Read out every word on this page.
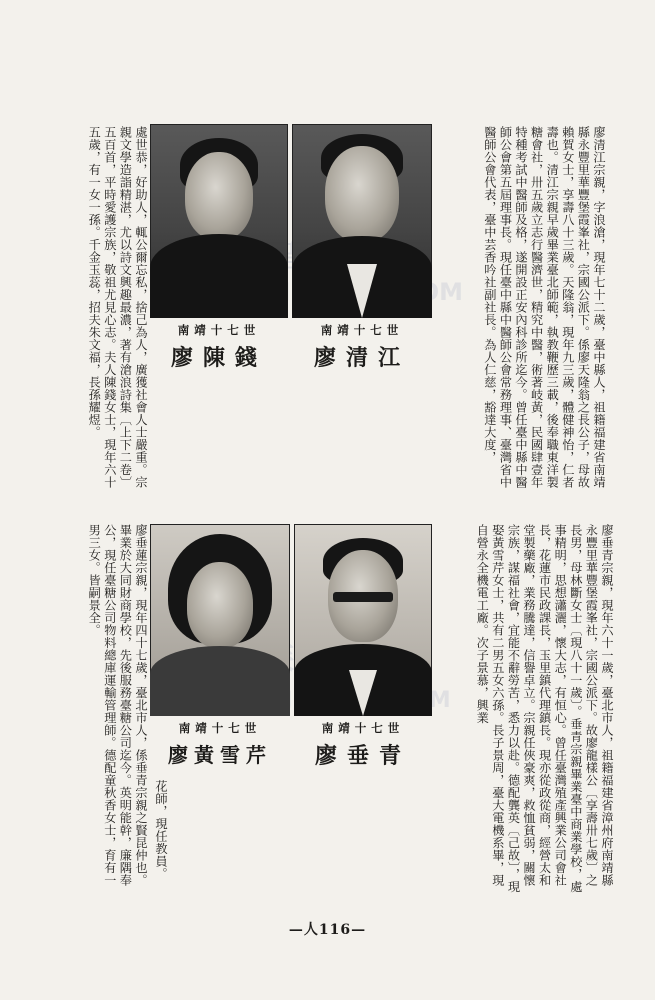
廖清江宗親，字浪滄，現年七十二歲，臺中縣人，祖籍福建省南靖縣永豐里華豐堡霞峯社，宗國公派下。係廖天隆翁之長公子，母故賴賀女士，享壽八十三歲。天隆翁，現年九三歲，體健神怡，仁者壽也。清江宗親早歲畢業臺北師範，執教鞭歷三載，後奉職東洋製糖會社，卅五歲立志行醫濟世，精究中醫，術著岐黃，民國肆壹年特種考試中醫師及格，遂開設正安內科診所迄今。曾任臺中縣中醫師公會第五屆理事長。現任臺中縣中醫師公會常務理事、臺灣省中醫師公會代表，臺中芸香吟社副社長。為人仁慈，豁達大度，
處世恭，好助人，輒公爾忘私，捨己為人，廣獲社會人士嚴重。宗親文學造詣精湛，尤以詩文興趣最濃，著有滄浪詩集〔上下二卷〕五百首，平時愛護宗族，敬祖尤見心志。夫人陳錢女士，現年六十五歲，有一女一孫。千金玉蕊，招夫朱文福，長孫耀煜。	南靖十七世
廖陳錢
南靖十七世
廖清江
廖垂青宗親，現年六十一歲，臺北市人，祖籍福建省漳州府南靖縣永豐里華豐堡霞峯社，宗國公派下。故廖龍樣公〔享壽卅七歲〕之長男，母林斷女士〔現八十一歲〕。垂青宗親畢業臺中商業學校，處事精明，思想瀟灑，懷大志，有恒心。曾任臺灣殖產興業公司會社長，花蓮市民政課長，玉里鎮代理鎮長。現亦從政從商，經營太和堂製藥廠，業務騰達，信譽卓立。宗親任俠豪爽，救恤貧弱，關懷宗族，謀福社會，宜能不辭勞苦，悉力以赴。德配龔英〔己故〕，現娶黃雪芹女士，共有二男五女六孫。長子景周，臺大電機系畢，現自營永全機電工廠。次子景慕，興業
廖垂蓮宗親，現年四十七歲，臺北市人，係垂青宗親之賢昆仲也。畢業於大同財商學校，先後服務臺糖公司迄今。英明能幹，廉隅奉公，現任臺糖公司物料總庫運輸管理師。德配童秋香女士，育有一男三女。皆嗣景全。
花師，現任教員。
南靖十七世
廖黃雪芹
南靖十七世
廖垂青
—人116—
